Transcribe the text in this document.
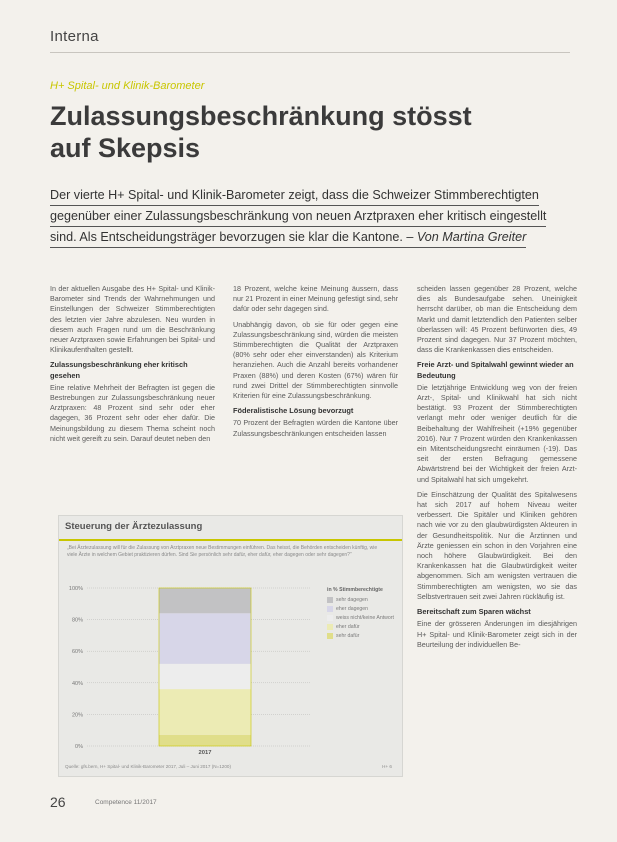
Interna
H+ Spital- und Klinik-Barometer
Zulassungsbeschränkung stösst
auf Skepsis
Der vierte H+ Spital- und Klinik-Barometer zeigt, dass die Schweizer Stimmberechtigten
gegenüber einer Zulassungsbeschränkung von neuen Arztpraxen eher kritisch eingestellt
sind. Als Entscheidungsträger bevorzugen sie klar die Kantone. – Von Martina Greiter

In der aktuellen Ausgabe des H+ Spital- und Klinik-Barometer sind Trends der Wahrnehmungen und Einstellungen der Schweizer Stimmberechtigten des letzten vier Jahre abzulesen. Neu wurden in diesem auch Fragen rund um die Beschränkung neuer Arztpraxen sowie Erfahrungen bei Spital- und Klinikaufenthalten gestellt.

Zulassungsbeschränkung eher kritisch gesehen

Eine relative Mehrheit der Befragten ist gegen die Bestrebungen zur Zulassungsbeschränkung neuer Arztpraxen: 48 Prozent sind sehr oder eher dagegen, 36 Prozent sehr oder eher dafür. Die Meinungsbildung zu diesem Thema scheint noch nicht weit gereift zu sein. Darauf deutet neben den

18 Prozent, welche keine Meinung äussern, dass nur 21 Prozent in einer Meinung gefestigt sind, sehr dafür oder sehr dagegen sind.

Unabhängig davon, ob sie für oder gegen eine Zulassungsbeschränkung sind, würden die meisten Stimmberechtigten die Qualität der Arztpraxen (80% sehr oder eher einverstanden) als Kriterium heranziehen. Auch die Anzahl bereits vorhandener Praxen (88%) und deren Kosten (67%) wären für rund zwei Drittel der Stimmberechtigten sinnvolle Kriterien für eine Zulassungsbeschränkung.

Föderalistische Lösung bevorzugt

70 Prozent der Befragten würden die Kantone über Zulassungsbeschränkungen entscheiden lassen

scheiden lassen gegenüber 28 Prozent, welche dies als Bundesaufgabe sehen. Uneinigkeit herrscht darüber, ob man die Entscheidung dem Markt und damit letztendlich den Patienten selber überlassen will: 45 Prozent befürworten dies, 49 Prozent sind dagegen. Nur 37 Prozent möchten, dass die Krankenkassen dies entscheiden.

Freie Arzt- und Spitalwahl gewinnt wieder an Bedeutung

Die letztjährige Entwicklung weg von der freien Arzt-, Spital- und Klinikwahl hat sich nicht bestätigt. 93 Prozent der Stimmberechtigten verlangt mehr oder weniger deutlich für die Beibehaltung der Wahlfreiheit (+19% gegenüber 2016). Nur 7 Prozent würden den Krankenkassen ein Mitentscheidungsrecht einräumen (-19). Das seit der ersten Befragung gemessene Abwärtstrend bei der Wichtigkeit der freien Arzt- und Spitalwahl hat sich umgekehrt.

Die Einschätzung der Qualität des Spitalwesens hat sich 2017 auf hohem Niveau weiter verbessert. Die Spitäler und Kliniken gehören nach wie vor zu den glaubwürdigsten Akteuren in der Gesundheitspolitik. Nur die Ärztinnen und Ärzte geniessen ein schon in den Vorjahren eine noch höhere Glaubwürdigkeit. Bei den Krankenkassen hat die Glaubwürdigkeit weiter abgenommen. Sich am wenigsten vertrauen die Stimmberechtigten am wenigsten, wo sie das Selbstvertrauen seit zwei Jahren rückläufig ist.

Bereitschaft zum Sparen wächst

Eine der grösseren Änderungen im diesjährigen H+ Spital- und Klinik-Barometer zeigt sich in der Beurteilung der individuellen Be-

Steuerung der Ärztezulassung
„Bei Ärztezulassung will für die Zulassung von Arztpraxen neue Bestimmungen einführen. Das heisst, die Behörden entscheiden künftig, wie viele Ärzte in welchem Gebiet praktizieren dürfen. Sind Sie persönlich sehr dafür, eher dafür, eher dagegen oder sehr dagegen?“
0%
20%
40%
60%
80%
100%
2017
in % Stimmberechtigte
sehr dagegen
eher dagegen
weiss nicht/keine Antwort
eher dafür
sehr dafür
Quelle: gfs.bern, H+ Spital- und Klinik-Barometer 2017, Juli – Juni 2017 (N=1200)	H+ 6
26	Competence 11/2017
